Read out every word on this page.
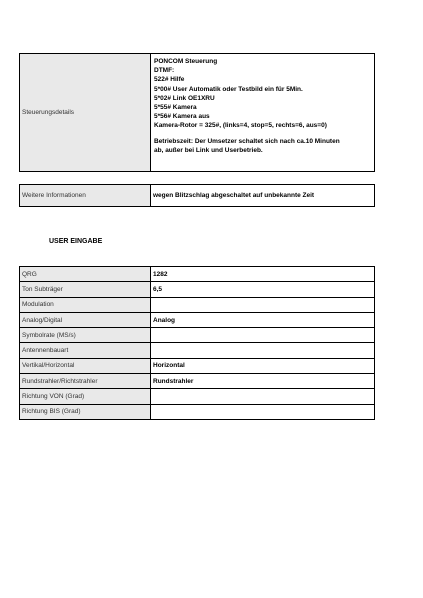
Steuerungsdetails	
PONCOM Steuerung
DTMF:
522# Hilfe
5*00# User Automatik oder Testbild ein für 5Min.
5*02# Link OE1XRU
5*55# Kamera
5*56# Kamera aus
Kamera-Rotor = 325#, (links=4, stop=5, rechts=6, aus=0)
Betriebszeit: Der Umsetzer schaltet sich nach ca.10 Minuten
ab, außer bei Link und Userbetrieb.
Weitere Informationen	wegen Blitzschlag abgeschaltet auf unbekannte Zeit
USER EINGABE
QRG	1282
Ton Subträger	6,5
Modulation	
Analog/Digital	Analog
Symbolrate (MS/s)	
Antennenbauart	
Vertikal/Horizontal	Horizontal
Rundstrahler/Richtstrahler	Rundstrahler
Richtung VON (Grad)	
Richtung BIS (Grad)	
